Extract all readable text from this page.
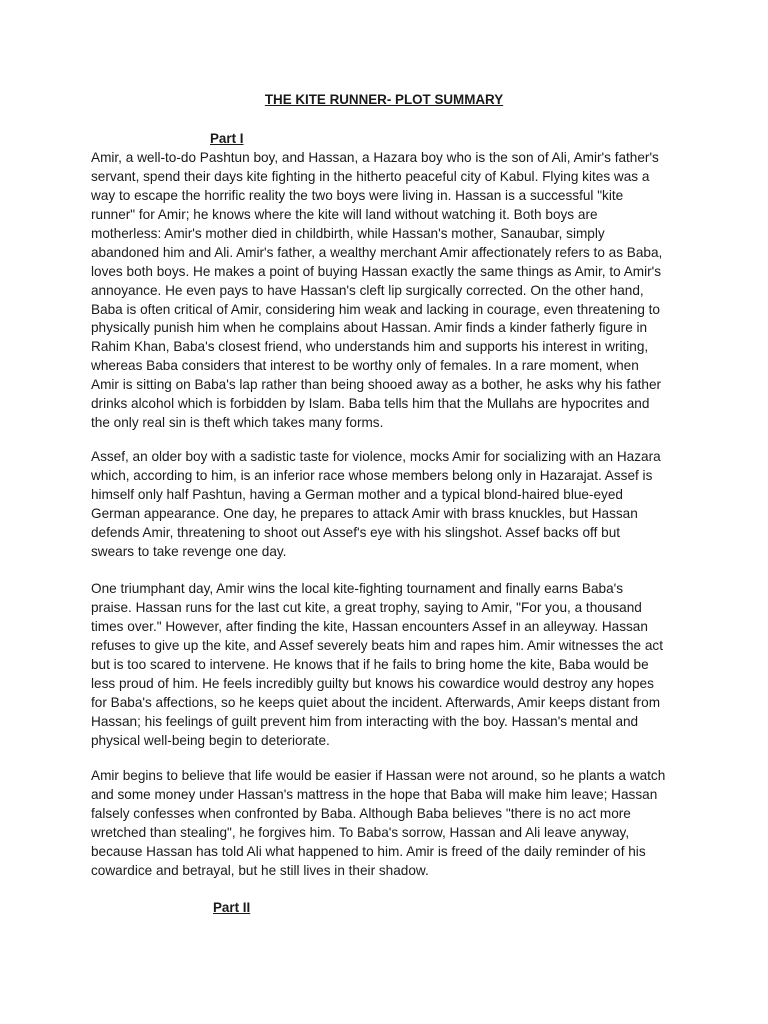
THE KITE RUNNER- PLOT SUMMARY
Part I
Amir, a well-to-do Pashtun boy, and Hassan, a Hazara boy who is the son of Ali, Amir's father's
servant, spend their days kite fighting in the hitherto peaceful city of Kabul. Flying kites was a
way to escape the horrific reality the two boys were living in. Hassan is a successful "kite
runner" for Amir; he knows where the kite will land without watching it. Both boys are
motherless: Amir's mother died in childbirth, while Hassan's mother, Sanaubar, simply
abandoned him and Ali. Amir's father, a wealthy merchant Amir affectionately refers to as Baba,
loves both boys. He makes a point of buying Hassan exactly the same things as Amir, to Amir's
annoyance. He even pays to have Hassan's cleft lip surgically corrected. On the other hand,
Baba is often critical of Amir, considering him weak and lacking in courage, even threatening to
physically punish him when he complains about Hassan. Amir finds a kinder fatherly figure in
Rahim Khan, Baba's closest friend, who understands him and supports his interest in writing,
whereas Baba considers that interest to be worthy only of females. In a rare moment, when
Amir is sitting on Baba's lap rather than being shooed away as a bother, he asks why his father
drinks alcohol which is forbidden by Islam. Baba tells him that the Mullahs are hypocrites and
the only real sin is theft which takes many forms.
Assef, an older boy with a sadistic taste for violence, mocks Amir for socializing with an Hazara
which, according to him, is an inferior race whose members belong only in Hazarajat. Assef is
himself only half Pashtun, having a German mother and a typical blond-haired blue-eyed
German appearance. One day, he prepares to attack Amir with brass knuckles, but Hassan
defends Amir, threatening to shoot out Assef's eye with his slingshot. Assef backs off but
swears to take revenge one day.
One triumphant day, Amir wins the local kite-fighting tournament and finally earns Baba's
praise. Hassan runs for the last cut kite, a great trophy, saying to Amir, "For you, a thousand
times over." However, after finding the kite, Hassan encounters Assef in an alleyway. Hassan
refuses to give up the kite, and Assef severely beats him and rapes him. Amir witnesses the act
but is too scared to intervene. He knows that if he fails to bring home the kite, Baba would be
less proud of him. He feels incredibly guilty but knows his cowardice would destroy any hopes
for Baba's affections, so he keeps quiet about the incident. Afterwards, Amir keeps distant from
Hassan; his feelings of guilt prevent him from interacting with the boy. Hassan's mental and
physical well-being begin to deteriorate.
Amir begins to believe that life would be easier if Hassan were not around, so he plants a watch
and some money under Hassan's mattress in the hope that Baba will make him leave; Hassan
falsely confesses when confronted by Baba. Although Baba believes "there is no act more
wretched than stealing", he forgives him. To Baba's sorrow, Hassan and Ali leave anyway,
because Hassan has told Ali what happened to him. Amir is freed of the daily reminder of his
cowardice and betrayal, but he still lives in their shadow.
Part II
